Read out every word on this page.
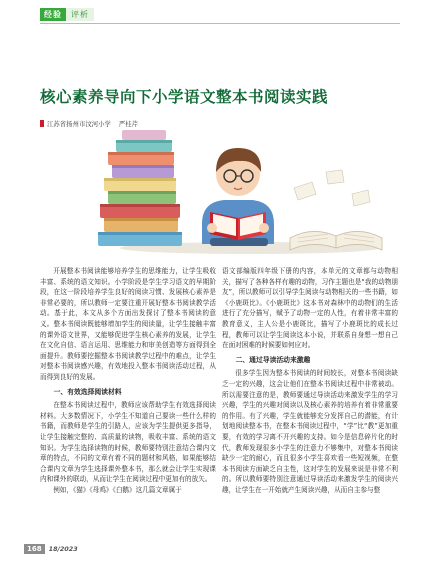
经验	评析
核心素养导向下小学语文整本书阅读实践
江苏省扬州市汶河小学 严桂芹

开展整本书阅读能够培养学生的思维能力，让学生吸收丰富、系统的语文知识。小学阶段是学生学习语文的早期阶段，在这一阶段培养学生良好的阅读习惯、发展核心素养是非常必要的，所以教师一定要注重开展好整本书阅读教学活动。基于此，本文从多个方面出发探讨了整本书阅读的意义。整本书阅读既能够增加学生的阅读量，让学生接触丰富的课外语文世界，又能够促进学生核心素养的发展，让学生在文化自信、语言运用、思维能力和审美创造等方面得到全面提升。教师要挖掘整本书阅读教学过程中的难点，让学生对整本书阅读感兴趣，有效地投入整本书阅读活动过程，从而得到良好的发展。

一、有效选择阅读材料

在整本书阅读过程中，教师应该帮助学生有效选择阅读材料。大多数情况下，小学生不知道自己要读一些什么样的书籍，而教师是学生的引路人，应该为学生提供更多指导，让学生接触完整的、高质量的读物，吸收丰富、系统的语文知识。为学生选择读物的时候，教师要特别注意结合课内文章的特点，不同的文章有着不同的题材和风格，如果能够结合课内文章为学生选择课外整本书，那么就会让学生实现课内和课外的联动，从而让学生在阅读过程中更加有的放矢。

例如，《猫》《母鸡》《白鹅》这几篇文章属于

语文部编版四年级下册的内容，本单元的文章都与动物相关，描写了各种各样有趣的动物，习作主题也是“我的动物朋友”，所以教师可以引导学生阅读与动物相关的一些书籍，如《小鹿斑比》。《小鹿斑比》这本书对森林中的动物们的生活进行了充分描写，赋予了动物一定的人性，有着非常丰富的教育意义，主人公是小鹿斑比，描写了小鹿斑比的成长过程，教师可以让学生阅读这本小说，并联系自身想一想自己在面对困难的时候要如何应对。

二、通过导读活动来激趣

很多学生因为整本书阅读的时间较长，对整本书阅读缺乏一定的兴趣，这会让他们在整本书阅读过程中非常被动。所以需要注意的是，教师要通过导读活动来激发学生的学习兴趣，学生的兴趣对阅读以及核心素养的培养有着非常重要的作用。有了兴趣，学生就能够充分发挥自己的潜能，有计划地阅读整本书，在整本书阅读过程中，“学”比“教”更加重要，有效的学习离不开兴趣的支持。如今是信息碎片化的时代，教师发现很多小学生的注意力不够集中，对整本书阅读缺少一定的耐心，而且很多小学生喜欢看一些短视频，在整本书阅读方面缺乏自主性，这对学生的发展来说是非常不利的。所以教师要特别注意通过导读活动来激发学生的阅读兴趣，让学生在一开始就产生阅读兴趣，从而自主参与整

168	18/2023
